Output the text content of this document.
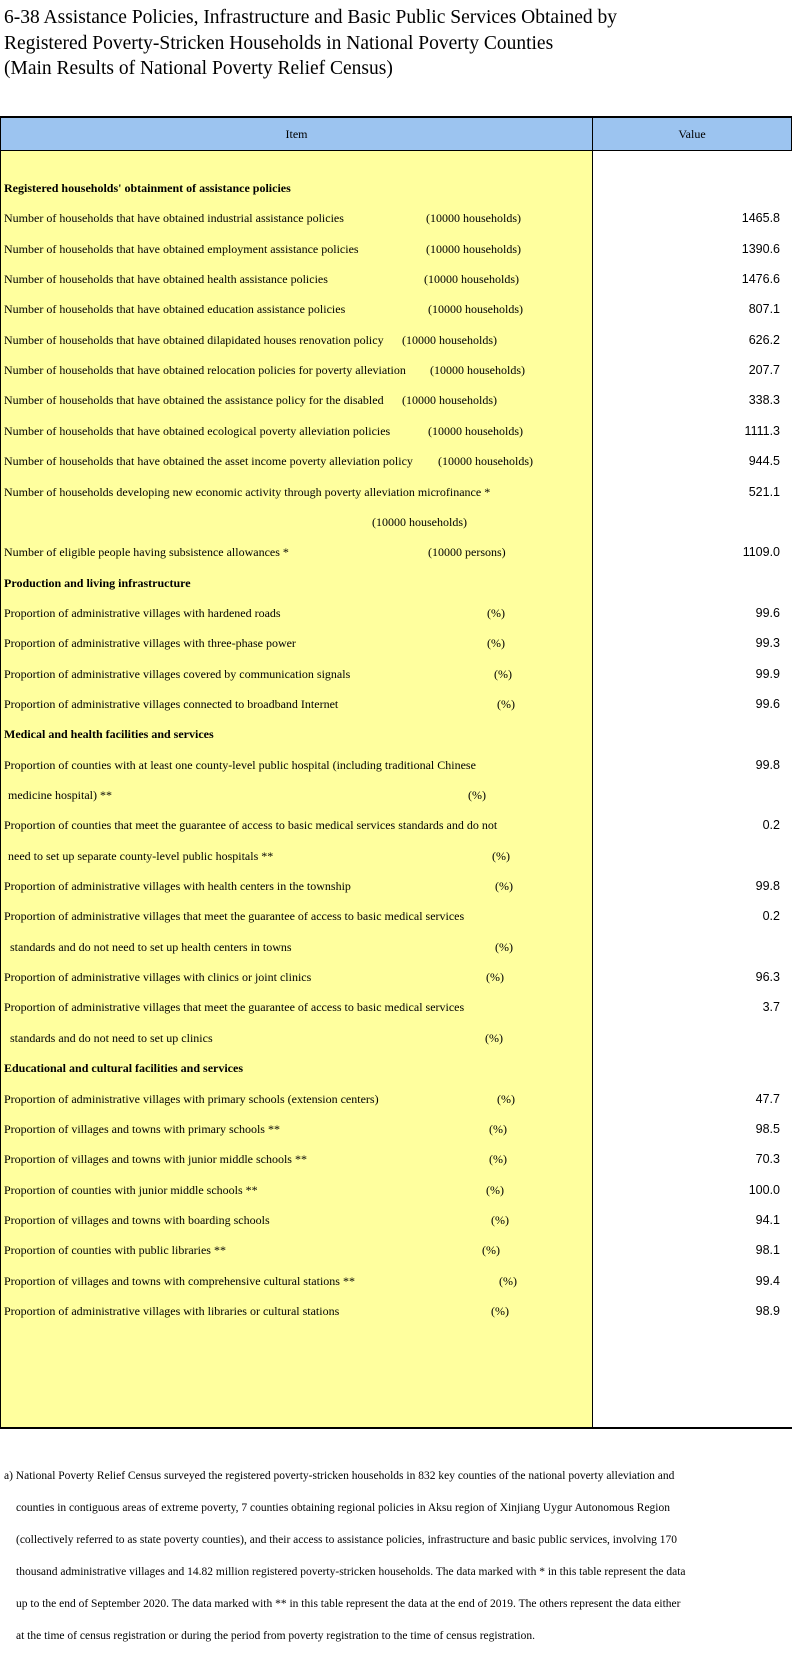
6-38 Assistance Policies, Infrastructure and Basic Public Services Obtained by
Registered Poverty-Stricken Households in National Poverty Counties
(Main Results of National Poverty Relief Census)
Item	Value
Registered households' obtainment of assistance policies
Number of households that have obtained industrial assistance policies	(10000 households)	1465.8
Number of households that have obtained employment assistance policies	(10000 households)	1390.6
Number of households that have obtained health assistance policies	(10000 households)	1476.6
Number of households that have obtained education assistance policies	(10000 households)	807.1
Number of households that have obtained dilapidated houses renovation policy (10000 households)	626.2
Number of households that have obtained relocation policies for poverty alleviation (10000 households)	207.7
Number of households that have obtained the assistance policy for the disabled (10000 households)	338.3
Number of households that have obtained ecological poverty alleviation policies	(10000 households)	1111.3
Number of households that have obtained the asset income poverty alleviation policy (10000 households)	944.5
Number of households developing new economic activity through poverty alleviation microfinance *	521.1
(10000 households)
Number of eligible people having subsistence allowances *	(10000 persons)	1109.0
Production and living infrastructure
Proportion of administrative villages with hardened roads	(%)	99.6
Proportion of administrative villages with three-phase power	(%)	99.3
Proportion of administrative villages covered by communication signals	(%)	99.9
Proportion of administrative villages connected to broadband Internet	(%)	99.6
Medical and health facilities and services
Proportion of counties with at least one county-level public hospital (including traditional Chinese	99.8
medicine hospital) **	(%)
Proportion of counties that meet the guarantee of access to basic medical services standards and do not	0.2
need to set up separate county-level public hospitals **	(%)
Proportion of administrative villages with health centers in the township	(%)	99.8
Proportion of administrative villages that meet the guarantee of access to basic medical services	0.2
standards and do not need to set up health centers in towns	(%)
Proportion of administrative villages with clinics or joint clinics	(%)	96.3
Proportion of administrative villages that meet the guarantee of access to basic medical services	3.7
standards and do not need to set up clinics	(%)
Educational and cultural facilities and services
Proportion of administrative villages with primary schools (extension centers)	(%)	47.7
Proportion of villages and towns with primary schools **	(%)	98.5
Proportion of villages and towns with junior middle schools **	(%)	70.3
Proportion of counties with junior middle schools **	(%)	100.0
Proportion of villages and towns with boarding schools	(%)	94.1
Proportion of counties with public libraries **	(%)	98.1
Proportion of villages and towns with comprehensive cultural stations **	(%)	99.4
Proportion of administrative villages with libraries or cultural stations	(%)	98.9
a) National Poverty Relief Census surveyed the registered poverty-stricken households in 832 key counties of the national poverty alleviation and
counties in contiguous areas of extreme poverty, 7 counties obtaining regional policies in Aksu region of Xinjiang Uygur Autonomous Region
(collectively referred to as state poverty counties), and their access to assistance policies, infrastructure and basic public services, involving 170
thousand administrative villages and 14.82 million registered poverty-stricken households. The data marked with * in this table represent the data
up to the end of September 2020. The data marked with ** in this table represent the data at the end of 2019. The others represent the data either
at the time of census registration or during the period from poverty registration to the time of census registration.
